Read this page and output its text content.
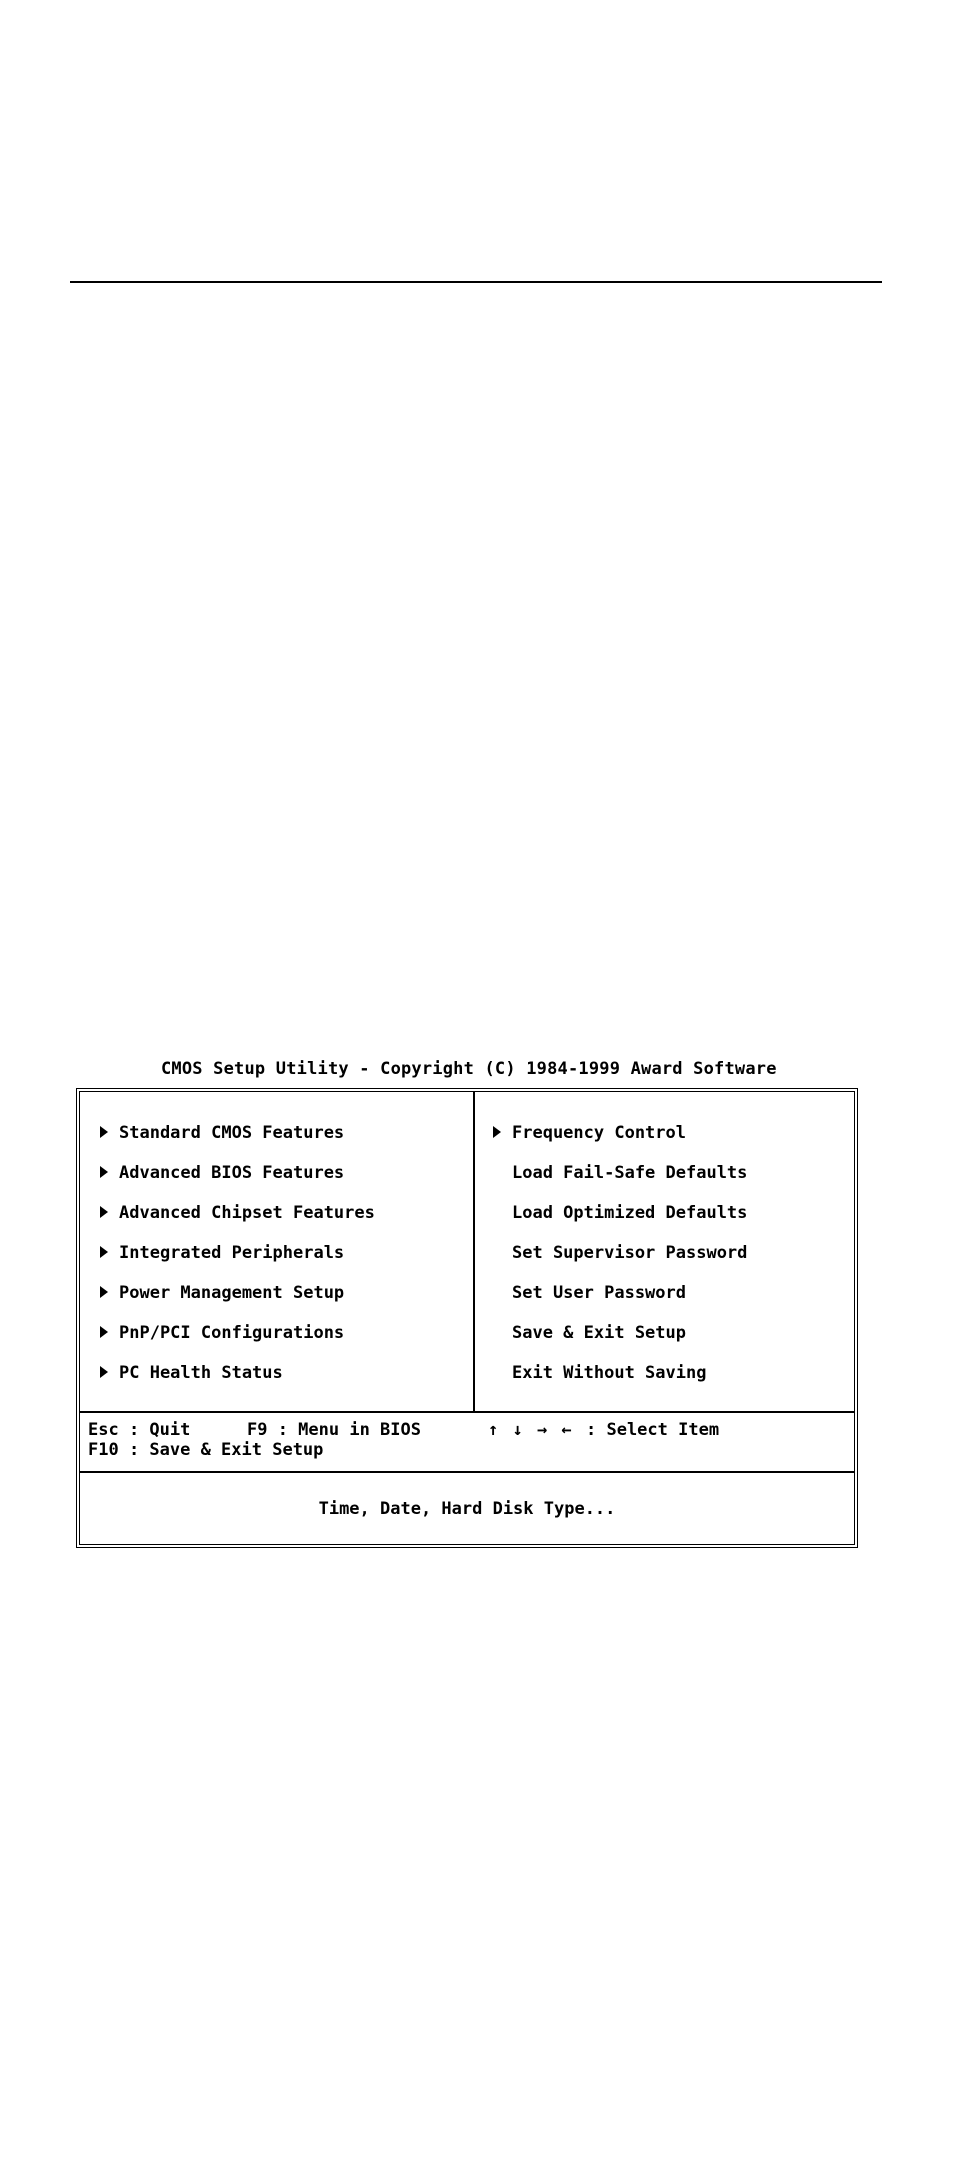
CMOS Setup Utility - Copyright (C) 1984-1999 Award Software
Standard CMOS Features
Advanced BIOS Features
Advanced Chipset Features
Integrated Peripherals
Power Management Setup
PnP/PCI Configurations
PC Health Status
Frequency Control
Load Fail-Safe Defaults
Load Optimized Defaults
Set Supervisor Password
Set User Password
Save & Exit Setup
Exit Without Saving

Esc : Quit

	F9 : Menu in BIOS

	↑ ↓ → ←

: Select Item

F10 : Save & Exit Setup

Time, Date, Hard Disk Type...
